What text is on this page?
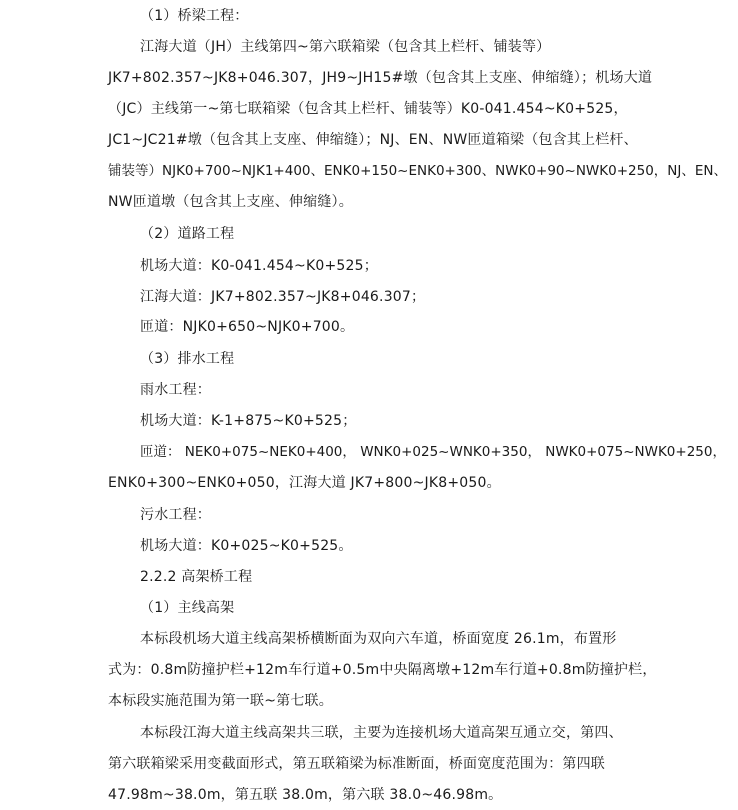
（1）桥梁工程：
江海大道（JH）主线第四~第六联箱梁（包含其上栏杆、铺装等）
JK7+802.357~JK8+046.307，JH9~JH15#墩（包含其上支座、伸缩缝）；机场大道
（JC）主线第一~第七联箱梁（包含其上栏杆、铺装等）K0-041.454~K0+525，
JC1~JC21#墩（包含其上支座、伸缩缝）；NJ、EN、NW匝道箱梁（包含其上栏杆、
铺装等）NJK0+700~NJK1+400、ENK0+150~ENK0+300、NWK0+90~NWK0+250，NJ、EN、
NW匝道墩（包含其上支座、伸缩缝）。
（2）道路工程
机场大道：K0-041.454~K0+525；
江海大道：JK7+802.357~JK8+046.307；
匝道：NJK0+650~NJK0+700。
（3）排水工程
雨水工程：
机场大道：K-1+875~K0+525；
匝道： NEK0+075~NEK0+400， WNK0+025~WNK0+350， NWK0+075~NWK0+250，
ENK0+300~ENK0+050，江海大道 JK7+800~JK8+050。
污水工程：
机场大道：K0+025~K0+525。
2.2.2 高架桥工程
（1）主线高架
本标段机场大道主线高架桥横断面为双向六车道，桥面宽度 26.1m，布置形
式为：0.8m防撞护栏+12m车行道+0.5m中央隔离墩+12m车行道+0.8m防撞护栏，
本标段实施范围为第一联~第七联。
本标段江海大道主线高架共三联，主要为连接机场大道高架互通立交，第四、
第六联箱梁采用变截面形式，第五联箱梁为标准断面，桥面宽度范围为：第四联
47.98m~38.0m，第五联 38.0m，第六联 38.0~46.98m。
